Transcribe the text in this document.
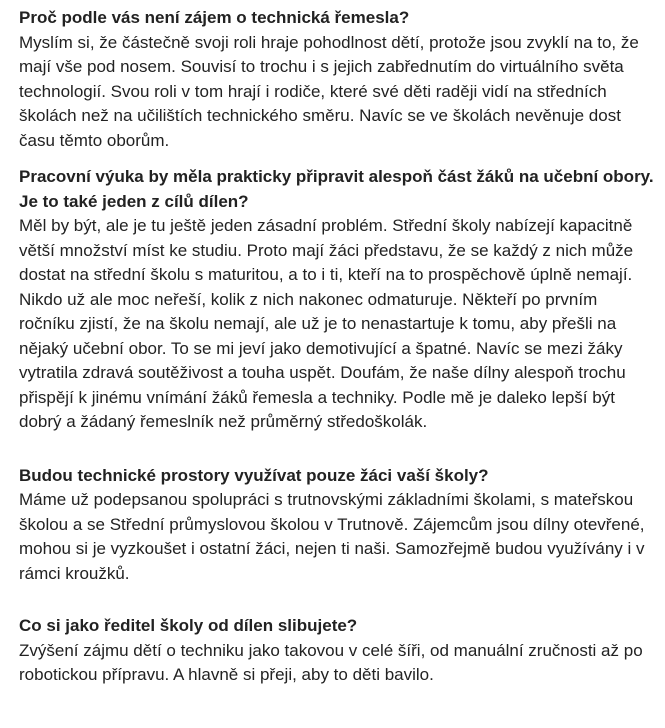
Proč podle vás není zájem o technická řemesla?

Myslím si, že částečně svoji roli hraje pohodlnost dětí, protože jsou zvyklí na to, že mají vše pod nosem. Souvisí to trochu i s jejich zabřednutím do virtuálního světa technologií. Svou roli v tom hrají i rodiče, které své děti raději vidí na středních školách než na učilištích technického směru. Navíc se ve školách nevěnuje dost času těmto oborům.

Pracovní výuka by měla prakticky připravit alespoň část žáků na učební obory. Je to také jeden z cílů dílen?

Měl by být, ale je tu ještě jeden zásadní problém. Střední školy nabízejí kapacitně větší množství míst ke studiu. Proto mají žáci představu, že se každý z nich může dostat na střední školu s maturitou, a to i ti, kteří na to prospěchově úplně nemají. Nikdo už ale moc neřeší, kolik z nich nakonec odmaturuje. Někteří po prvním ročníku zjistí, že na školu nemají, ale už je to nenastartuje k tomu, aby přešli na nějaký učební obor. To se mi jeví jako demotivující a špatné. Navíc se mezi žáky vytratila zdravá soutěživost a touha uspět. Doufám, že naše dílny alespoň trochu přispějí k jinému vnímání žáků řemesla a techniky. Podle mě je daleko lepší být dobrý a žádaný řemeslník než průměrný středoškolák.

Budou technické prostory využívat pouze žáci vaší školy?

Máme už podepsanou spolupráci s trutnovskými základními školami, s mateřskou školou a se Střední průmyslovou školou v Trutnově. Zájemcům jsou dílny otevřené, mohou si je vyzkoušet i ostatní žáci, nejen ti naši. Samozřejmě budou využívány i v rámci kroužků.

Co si jako ředitel školy od dílen slibujete?

Zvýšení zájmu dětí o techniku jako takovou v celé šíři, od manuální zručnosti až po robotickou přípravu. A hlavně si přeji, aby to děti bavilo.
